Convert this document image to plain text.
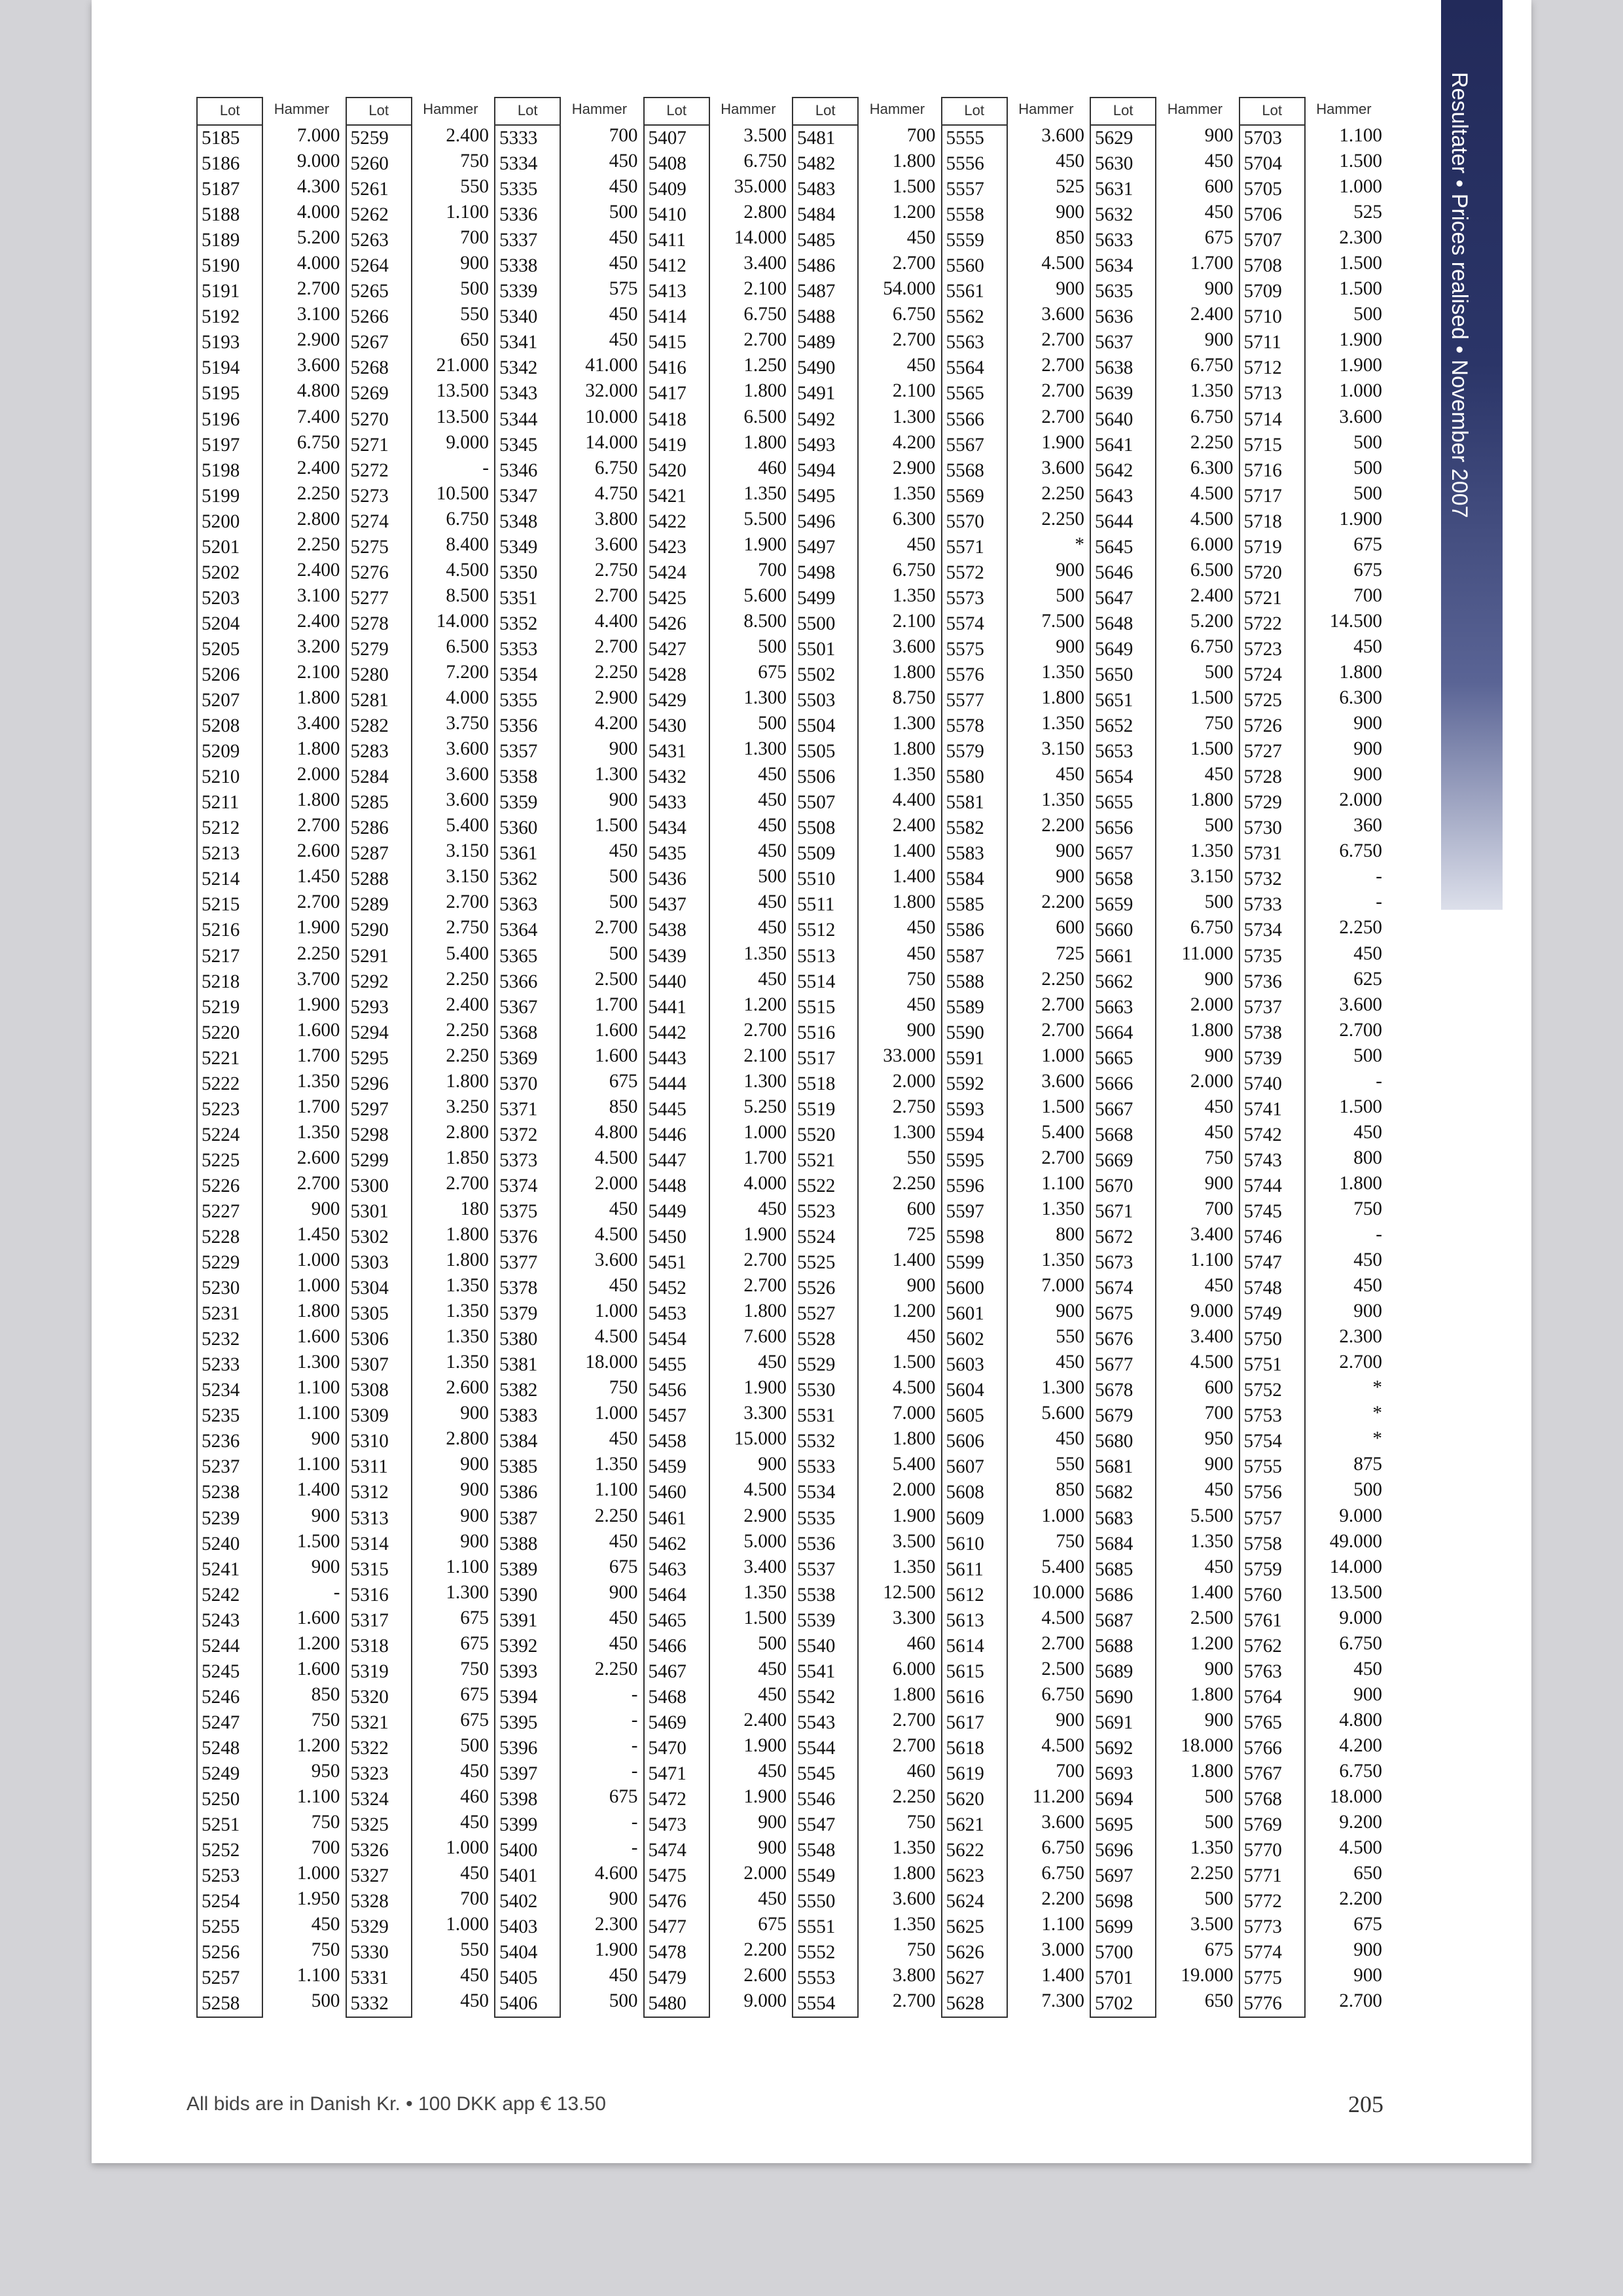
Resultater • Prices realised • November 2007
Lot
5185
5186
5187
5188
5189
5190
5191
5192
5193
5194
5195
5196
5197
5198
5199
5200
5201
5202
5203
5204
5205
5206
5207
5208
5209
5210
5211
5212
5213
5214
5215
5216
5217
5218
5219
5220
5221
5222
5223
5224
5225
5226
5227
5228
5229
5230
5231
5232
5233
5234
5235
5236
5237
5238
5239
5240
5241
5242
5243
5244
5245
5246
5247
5248
5249
5250
5251
5252
5253
5254
5255
5256
5257
5258
Hammer
7.000
9.000
4.300
4.000
5.200
4.000
2.700
3.100
2.900
3.600
4.800
7.400
6.750
2.400
2.250
2.800
2.250
2.400
3.100
2.400
3.200
2.100
1.800
3.400
1.800
2.000
1.800
2.700
2.600
1.450
2.700
1.900
2.250
3.700
1.900
1.600
1.700
1.350
1.700
1.350
2.600
2.700
900
1.450
1.000
1.000
1.800
1.600
1.300
1.100
1.100
900
1.100
1.400
900
1.500
900
-
1.600
1.200
1.600
850
750
1.200
950
1.100
750
700
1.000
1.950
450
750
1.100
500
Lot
5259
5260
5261
5262
5263
5264
5265
5266
5267
5268
5269
5270
5271
5272
5273
5274
5275
5276
5277
5278
5279
5280
5281
5282
5283
5284
5285
5286
5287
5288
5289
5290
5291
5292
5293
5294
5295
5296
5297
5298
5299
5300
5301
5302
5303
5304
5305
5306
5307
5308
5309
5310
5311
5312
5313
5314
5315
5316
5317
5318
5319
5320
5321
5322
5323
5324
5325
5326
5327
5328
5329
5330
5331
5332
Hammer
2.400
750
550
1.100
700
900
500
550
650
21.000
13.500
13.500
9.000
-
10.500
6.750
8.400
4.500
8.500
14.000
6.500
7.200
4.000
3.750
3.600
3.600
3.600
5.400
3.150
3.150
2.700
2.750
5.400
2.250
2.400
2.250
2.250
1.800
3.250
2.800
1.850
2.700
180
1.800
1.800
1.350
1.350
1.350
1.350
2.600
900
2.800
900
900
900
900
1.100
1.300
675
675
750
675
675
500
450
460
450
1.000
450
700
1.000
550
450
450
Lot
5333
5334
5335
5336
5337
5338
5339
5340
5341
5342
5343
5344
5345
5346
5347
5348
5349
5350
5351
5352
5353
5354
5355
5356
5357
5358
5359
5360
5361
5362
5363
5364
5365
5366
5367
5368
5369
5370
5371
5372
5373
5374
5375
5376
5377
5378
5379
5380
5381
5382
5383
5384
5385
5386
5387
5388
5389
5390
5391
5392
5393
5394
5395
5396
5397
5398
5399
5400
5401
5402
5403
5404
5405
5406
Hammer
700
450
450
500
450
450
575
450
450
41.000
32.000
10.000
14.000
6.750
4.750
3.800
3.600
2.750
2.700
4.400
2.700
2.250
2.900
4.200
900
1.300
900
1.500
450
500
500
2.700
500
2.500
1.700
1.600
1.600
675
850
4.800
4.500
2.000
450
4.500
3.600
450
1.000
4.500
18.000
750
1.000
450
1.350
1.100
2.250
450
675
900
450
450
2.250
-
-
-
-
675
-
-
4.600
900
2.300
1.900
450
500
Lot
5407
5408
5409
5410
5411
5412
5413
5414
5415
5416
5417
5418
5419
5420
5421
5422
5423
5424
5425
5426
5427
5428
5429
5430
5431
5432
5433
5434
5435
5436
5437
5438
5439
5440
5441
5442
5443
5444
5445
5446
5447
5448
5449
5450
5451
5452
5453
5454
5455
5456
5457
5458
5459
5460
5461
5462
5463
5464
5465
5466
5467
5468
5469
5470
5471
5472
5473
5474
5475
5476
5477
5478
5479
5480
Hammer
3.500
6.750
35.000
2.800
14.000
3.400
2.100
6.750
2.700
1.250
1.800
6.500
1.800
460
1.350
5.500
1.900
700
5.600
8.500
500
675
1.300
500
1.300
450
450
450
450
500
450
450
1.350
450
1.200
2.700
2.100
1.300
5.250
1.000
1.700
4.000
450
1.900
2.700
2.700
1.800
7.600
450
1.900
3.300
15.000
900
4.500
2.900
5.000
3.400
1.350
1.500
500
450
450
2.400
1.900
450
1.900
900
900
2.000
450
675
2.200
2.600
9.000
Lot
5481
5482
5483
5484
5485
5486
5487
5488
5489
5490
5491
5492
5493
5494
5495
5496
5497
5498
5499
5500
5501
5502
5503
5504
5505
5506
5507
5508
5509
5510
5511
5512
5513
5514
5515
5516
5517
5518
5519
5520
5521
5522
5523
5524
5525
5526
5527
5528
5529
5530
5531
5532
5533
5534
5535
5536
5537
5538
5539
5540
5541
5542
5543
5544
5545
5546
5547
5548
5549
5550
5551
5552
5553
5554
Hammer
700
1.800
1.500
1.200
450
2.700
54.000
6.750
2.700
450
2.100
1.300
4.200
2.900
1.350
6.300
450
6.750
1.350
2.100
3.600
1.800
8.750
1.300
1.800
1.350
4.400
2.400
1.400
1.400
1.800
450
450
750
450
900
33.000
2.000
2.750
1.300
550
2.250
600
725
1.400
900
1.200
450
1.500
4.500
7.000
1.800
5.400
2.000
1.900
3.500
1.350
12.500
3.300
460
6.000
1.800
2.700
2.700
460
2.250
750
1.350
1.800
3.600
1.350
750
3.800
2.700
Lot
5555
5556
5557
5558
5559
5560
5561
5562
5563
5564
5565
5566
5567
5568
5569
5570
5571
5572
5573
5574
5575
5576
5577
5578
5579
5580
5581
5582
5583
5584
5585
5586
5587
5588
5589
5590
5591
5592
5593
5594
5595
5596
5597
5598
5599
5600
5601
5602
5603
5604
5605
5606
5607
5608
5609
5610
5611
5612
5613
5614
5615
5616
5617
5618
5619
5620
5621
5622
5623
5624
5625
5626
5627
5628
Hammer
3.600
450
525
900
850
4.500
900
3.600
2.700
2.700
2.700
2.700
1.900
3.600
2.250
2.250
*
900
500
7.500
900
1.350
1.800
1.350
3.150
450
1.350
2.200
900
900
2.200
600
725
2.250
2.700
2.700
1.000
3.600
1.500
5.400
2.700
1.100
1.350
800
1.350
7.000
900
550
450
1.300
5.600
450
550
850
1.000
750
5.400
10.000
4.500
2.700
2.500
6.750
900
4.500
700
11.200
3.600
6.750
6.750
2.200
1.100
3.000
1.400
7.300
Lot
5629
5630
5631
5632
5633
5634
5635
5636
5637
5638
5639
5640
5641
5642
5643
5644
5645
5646
5647
5648
5649
5650
5651
5652
5653
5654
5655
5656
5657
5658
5659
5660
5661
5662
5663
5664
5665
5666
5667
5668
5669
5670
5671
5672
5673
5674
5675
5676
5677
5678
5679
5680
5681
5682
5683
5684
5685
5686
5687
5688
5689
5690
5691
5692
5693
5694
5695
5696
5697
5698
5699
5700
5701
5702
Hammer
900
450
600
450
675
1.700
900
2.400
900
6.750
1.350
6.750
2.250
6.300
4.500
4.500
6.000
6.500
2.400
5.200
6.750
500
1.500
750
1.500
450
1.800
500
1.350
3.150
500
6.750
11.000
900
2.000
1.800
900
2.000
450
450
750
900
700
3.400
1.100
450
9.000
3.400
4.500
600
700
950
900
450
5.500
1.350
450
1.400
2.500
1.200
900
1.800
900
18.000
1.800
500
500
1.350
2.250
500
3.500
675
19.000
650
Lot
5703
5704
5705
5706
5707
5708
5709
5710
5711
5712
5713
5714
5715
5716
5717
5718
5719
5720
5721
5722
5723
5724
5725
5726
5727
5728
5729
5730
5731
5732
5733
5734
5735
5736
5737
5738
5739
5740
5741
5742
5743
5744
5745
5746
5747
5748
5749
5750
5751
5752
5753
5754
5755
5756
5757
5758
5759
5760
5761
5762
5763
5764
5765
5766
5767
5768
5769
5770
5771
5772
5773
5774
5775
5776
Hammer
1.100
1.500
1.000
525
2.300
1.500
1.500
500
1.900
1.900
1.000
3.600
500
500
500
1.900
675
675
700
14.500
450
1.800
6.300
900
900
900
2.000
360
6.750
-
-
2.250
450
625
3.600
2.700
500
-
1.500
450
800
1.800
750
-
450
450
900
2.300
2.700
*
*
*
875
500
9.000
49.000
14.000
13.500
9.000
6.750
450
900
4.800
4.200
6.750
18.000
9.200
4.500
650
2.200
675
900
900
2.700
All bids are in Danish Kr. • 100 DKK app € 13.50	205
